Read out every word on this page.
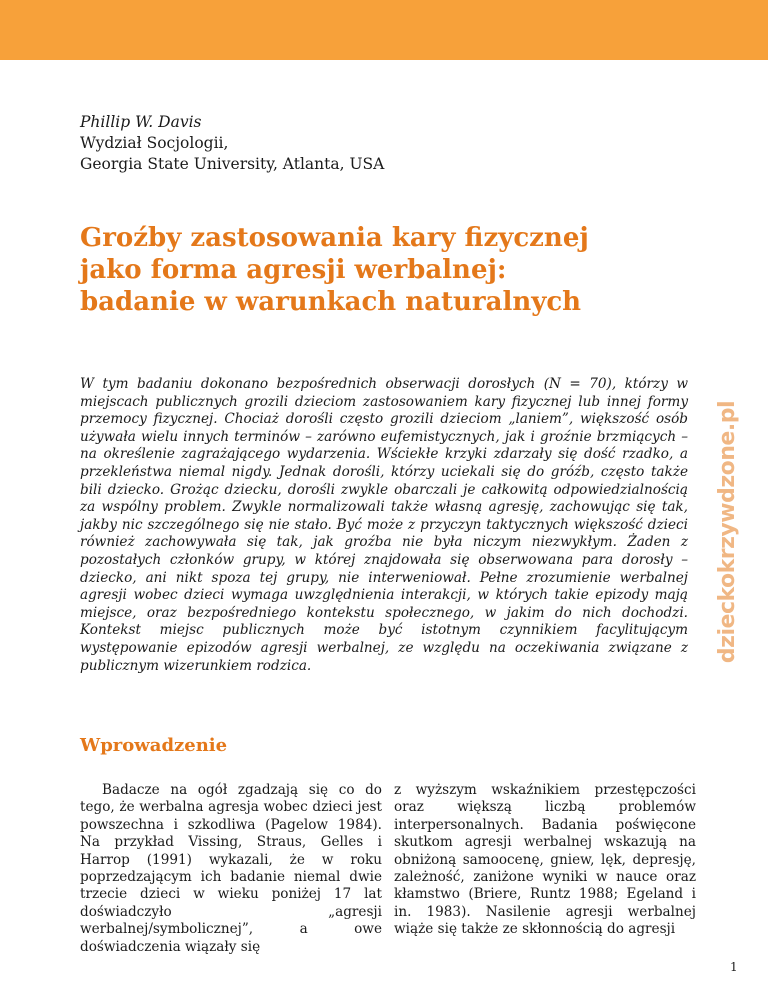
Phillip W. Davis
Wydział Socjologii,
Georgia State University, Atlanta, USA
Groźby zastosowania kary fizycznej
jako forma agresji werbalnej:
badanie w warunkach naturalnych

W tym badaniu dokonano bezpośrednich obserwacji dorosłych (N = 70), którzy w miejscach publicznych grozili dzieciom zastosowaniem kary fizycznej lub innej formy przemocy fizycznej. Chociaż dorośli często grozili dzieciom „laniem”, większość osób używała wielu innych terminów – zarówno eufemistycznych, jak i groźnie brzmiących – na określenie zagrażającego wydarzenia. Wściekłe krzyki zdarzały się dość rzadko, a przekleństwa niemal nigdy. Jednak dorośli, którzy uciekali się do gróźb, często także bili dziecko. Grożąc dziecku, dorośli zwykle obarczali je całkowitą odpowiedzialnością za wspólny problem. Zwykle normalizowali także własną agresję, zachowując się tak, jakby nic szczególnego się nie stało. Być może z przyczyn taktycznych większość dzieci również zachowywała się tak, jak groźba nie była niczym niezwykłym. Żaden z pozostałych członków grupy, w której znajdowała się obserwowana para dorosły – dziecko, ani nikt spoza tej grupy, nie interweniował. Pełne zrozumienie werbalnej agresji wobec dzieci wymaga uwzględnienia interakcji, w których takie epizody mają miejsce, oraz bezpośredniego kontekstu społecznego, w jakim do nich dochodzi. Kontekst miejsc publicznych może być istotnym czynnikiem facylitującym występowanie epizodów agresji werbalnej, ze względu na oczekiwania związane z publicznym wizerunkiem rodzica.

dzieckokrzywdzone.pl
Wprowadzenie

Badacze na ogół zgadzają się co do tego, że werbalna agresja wobec dzieci jest powszechna i szkodliwa (Pagelow 1984). Na przykład Vissing, Straus, Gelles i Harrop (1991) wykazali, że w roku poprzedzającym ich badanie niemal dwie trzecie dzieci w wieku poniżej 17 lat doświadczyło „agresji werbalnej/symbolicznej”, a owe doświadczenia wiązały się

z wyższym wskaźnikiem przestępczości oraz większą liczbą problemów interpersonalnych. Badania poświęcone skutkom agresji werbalnej wskazują na obniżoną samoocenę, gniew, lęk, depresję, zależność, zaniżone wyniki w nauce oraz kłamstwo (Briere, Runtz 1988; Egeland i in. 1983). Nasilenie agresji werbalnej wiąże się także ze skłonnością do agresji

1
